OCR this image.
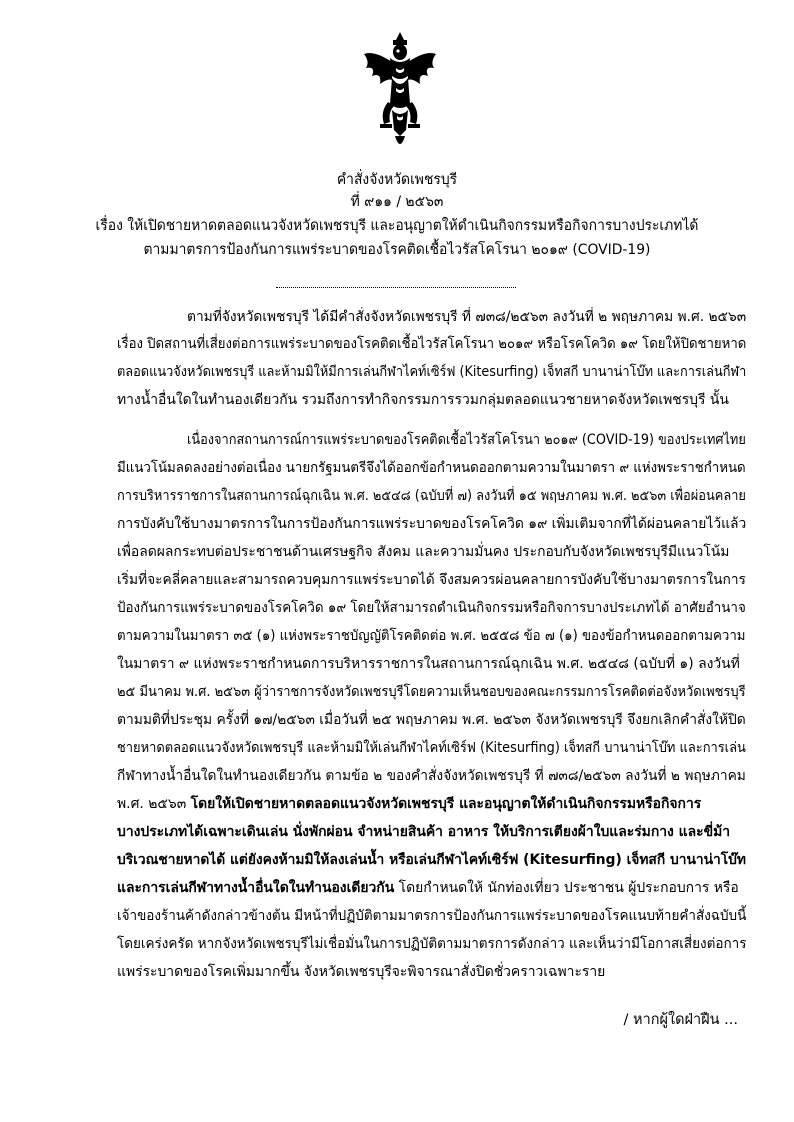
คำสั่งจังหวัดเพชรบุรี
ที่ ๙๑๑ / ๒๕๖๓
เรื่อง ให้เปิดชายหาดตลอดแนวจังหวัดเพชรบุรี และอนุญาตให้ดำเนินกิจกรรมหรือกิจการบางประเภทได้
ตามมาตรการป้องกันการแพร่ระบาดของโรคติดเชื้อไวรัสโคโรนา ๒๐๑๙ (COVID-19)
ตามที่จังหวัดเพชรบุรี ได้มีคำสั่งจังหวัดเพชรบุรี ที่ ๗๓๘/๒๕๖๓ ลงวันที่ ๒ พฤษภาคม พ.ศ. ๒๕๖๓
เรื่อง ปิดสถานที่เสี่ยงต่อการแพร่ระบาดของโรคติดเชื้อไวรัสโคโรนา ๒๐๑๙ หรือโรคโควิด ๑๙ โดยให้ปิดชายหาด
ตลอดแนวจังหวัดเพชรบุรี และห้ามมิให้มีการเล่นกีฬาไคท์เซิร์ฟ (Kitesurfing) เจ็ทสกี บานาน่าโบ๊ท และการเล่นกีฬา
ทางน้ำอื่นใดในทำนองเดียวกัน รวมถึงการทำกิจกรรมการรวมกลุ่มตลอดแนวชายหาดจังหวัดเพชรบุรี นั้น
เนื่องจากสถานการณ์การแพร่ระบาดของโรคติดเชื้อไวรัสโคโรนา ๒๐๑๙ (COVID-19) ของประเทศไทย
มีแนวโน้มลดลงอย่างต่อเนื่อง นายกรัฐมนตรีจึงได้ออกข้อกำหนดออกตามความในมาตรา ๙ แห่งพระราชกำหนด
การบริหารราชการในสถานการณ์ฉุกเฉิน พ.ศ. ๒๕๔๘ (ฉบับที่ ๗) ลงวันที่ ๑๕ พฤษภาคม พ.ศ. ๒๕๖๓ เพื่อผ่อนคลาย
การบังคับใช้บางมาตรการในการป้องกันการแพร่ระบาดของโรคโควิด ๑๙ เพิ่มเติมจากที่ได้ผ่อนคลายไว้แล้ว
เพื่อลดผลกระทบต่อประชาชนด้านเศรษฐกิจ สังคม และความมั่นคง ประกอบกับจังหวัดเพชรบุรีมีแนวโน้ม
เริ่มที่จะคลี่คลายและสามารถควบคุมการแพร่ระบาดได้ จึงสมควรผ่อนคลายการบังคับใช้บางมาตรการในการ
ป้องกันการแพร่ระบาดของโรคโควิด ๑๙ โดยให้สามารถดำเนินกิจกรรมหรือกิจการบางประเภทได้ อาศัยอำนาจ
ตามความในมาตรา ๓๕ (๑) แห่งพระราชบัญญัติโรคติดต่อ พ.ศ. ๒๕๕๘ ข้อ ๗ (๑) ของข้อกำหนดออกตามความ
ในมาตรา ๙ แห่งพระราชกำหนดการบริหารราชการในสถานการณ์ฉุกเฉิน พ.ศ. ๒๕๔๘ (ฉบับที่ ๑) ลงวันที่
๒๕ มีนาคม พ.ศ. ๒๕๖๓ ผู้ว่าราชการจังหวัดเพชรบุรีโดยความเห็นชอบของคณะกรรมการโรคติดต่อจังหวัดเพชรบุรี
ตามมติที่ประชุม ครั้งที่ ๑๗/๒๕๖๓ เมื่อวันที่ ๒๕ พฤษภาคม พ.ศ. ๒๕๖๓ จังหวัดเพชรบุรี จึงยกเลิกคำสั่งให้ปิด
ชายหาดตลอดแนวจังหวัดเพชรบุรี และห้ามมิให้เล่นกีฬาไคท์เซิร์ฟ (Kitesurfing) เจ็ทสกี บานาน่าโบ๊ท และการเล่น
กีฬาทางน้ำอื่นใดในทำนองเดียวกัน ตามข้อ ๒ ของคำสั่งจังหวัดเพชรบุรี ที่ ๗๓๘/๒๕๖๓ ลงวันที่ ๒ พฤษภาคม
พ.ศ. ๒๕๖๓ โดยให้เปิดชายหาดตลอดแนวจังหวัดเพชรบุรี และอนุญาตให้ดำเนินกิจกรรมหรือกิจการ
บางประเภทได้เฉพาะเดินเล่น นั่งพักผ่อน จำหน่ายสินค้า อาหาร ให้บริการเตียงผ้าใบและร่มกาง และขี่ม้า
บริเวณชายหาดได้ แต่ยังคงห้ามมิให้ลงเล่นน้ำ หรือเล่นกีฬาไคท์เซิร์ฟ (Kitesurfing) เจ็ทสกี บานาน่าโบ๊ท
และการเล่นกีฬาทางน้ำอื่นใดในทำนองเดียวกัน โดยกำหนดให้ นักท่องเที่ยว ประชาชน ผู้ประกอบการ หรือ
เจ้าของร้านค้าดังกล่าวข้างต้น มีหน้าที่ปฏิบัติตามมาตรการป้องกันการแพร่ระบาดของโรคแนบท้ายคำสั่งฉบับนี้
โดยเคร่งครัด หากจังหวัดเพชรบุรีไม่เชื่อมั่นในการปฏิบัติตามมาตรการดังกล่าว และเห็นว่ามีโอกาสเสี่ยงต่อการ
แพร่ระบาดของโรคเพิ่มมากขึ้น จังหวัดเพชรบุรีจะพิจารณาสั่งปิดชั่วคราวเฉพาะราย
/ หากผู้ใดฝ่าฝืน ...
